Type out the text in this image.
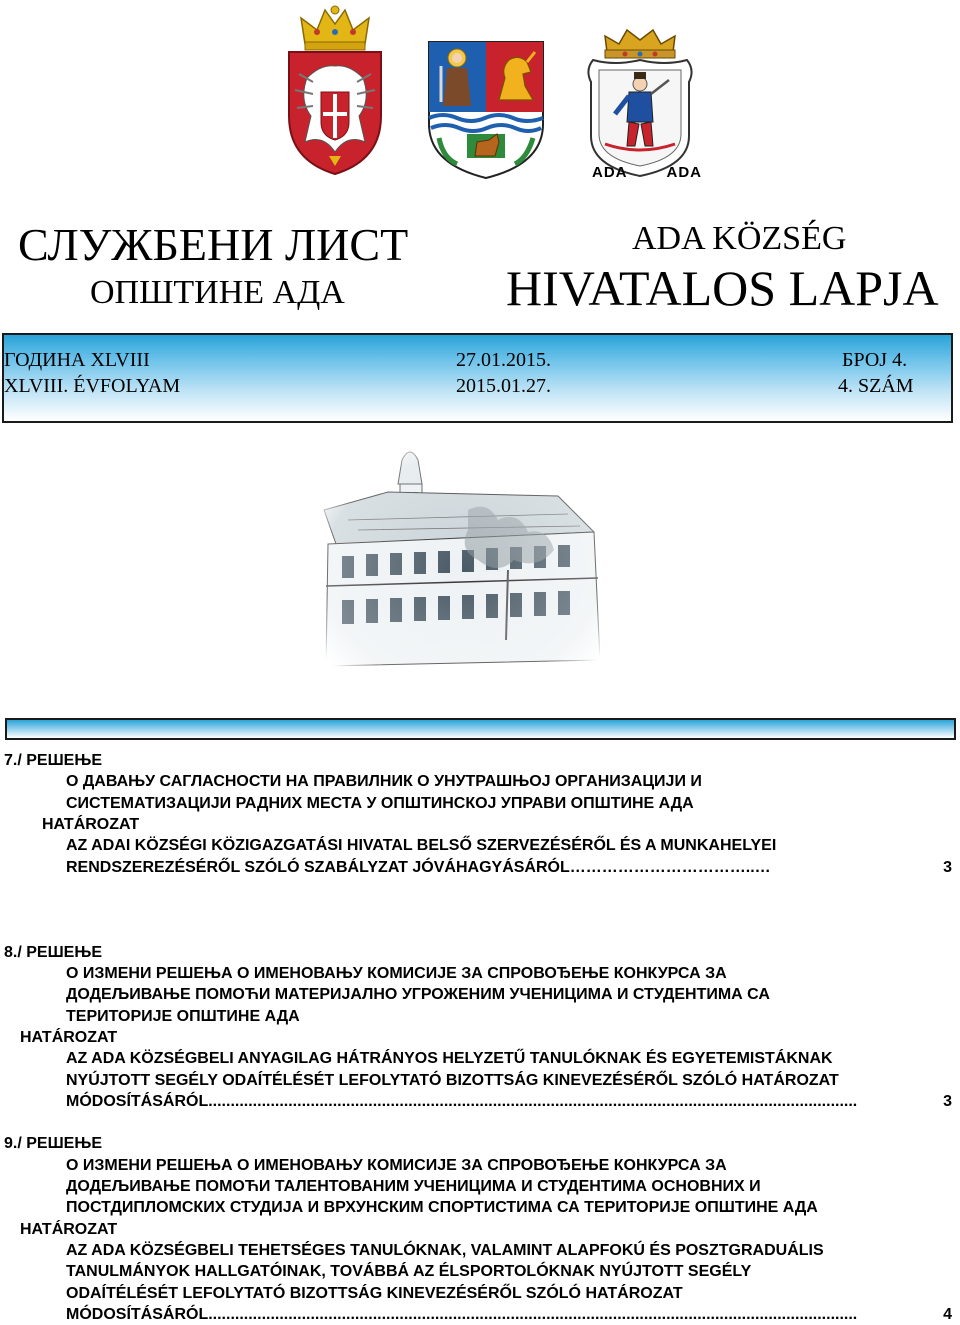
ADA	ADA
СЛУЖБЕНИ ЛИСТ
ОПШТИНЕ АДА
ADA KÖZSÉG
HIVATALOS LAPJA
ГОДИНА XLVIII
XLVIII. ÉVFOLYAM
27.01.2015.
2015.01.27.
БРОЈ 4.
4. SZÁM
7./ РЕШЕЊЕ
О ДАВАЊУ САГЛАСНОСТИ НА ПРАВИЛНИК О УНУТРАШЊОЈ ОРГАНИЗАЦИЈИ И
СИСТЕМАТИЗАЦИЈИ РАДНИХ МЕСТА У ОПШТИНСКОЈ УПРАВИ ОПШТИНЕ АДА
HATÁROZAT
AZ ADAI KÖZSÉGI KÖZIGAZGATÁSI HIVATAL BELSŐ SZERVEZÉSÉRŐL ÉS A MUNKAHELYEI
RENDSZEREZÉSÉRŐL SZÓLÓ SZABÁLYZAT JÓVÁHAGYÁSÁRÓL ……………………………..…	3
8./ РЕШЕЊЕ
О ИЗМЕНИ РЕШЕЊА О ИМЕНОВАЊУ КОМИСИЈЕ ЗА СПРОВОЂЕЊЕ КОНКУРСА ЗА
ДОДЕЉИВАЊЕ ПОМОЋИ МАТЕРИЈАЛНО УГРОЖЕНИМ УЧЕНИЦИМА И СТУДЕНТИМА СА
ТЕРИТОРИЈЕ ОПШТИНЕ АДА
HATÁROZAT
AZ ADA KÖZSÉGBELI ANYAGILAG HÁTRÁNYOS HELYZETŰ TANULÓKNAK ÉS EGYETEMISTÁKNAK
NYÚJTOTT SEGÉLY ODAÍTÉLÉSÉT LEFOLYTATÓ BIZOTTSÁG KINEVEZÉSÉRŐL SZÓLÓ HATÁROZAT
MÓDOSÍTÁSÁRÓL ..................................................................................................................................................	3
9./ РЕШЕЊЕ
О ИЗМЕНИ РЕШЕЊА О ИМЕНОВАЊУ КОМИСИЈЕ ЗА СПРОВОЂЕЊЕ КОНКУРСА ЗА
ДОДЕЉИВАЊЕ ПОМОЋИ ТАЛЕНТОВАНИМ УЧЕНИЦИМА И СТУДЕНТИМА ОСНОВНИХ И
ПОСТДИПЛОМСКИХ СТУДИЈА И ВРХУНСКИМ СПОРТИСТИМА СА ТЕРИТОРИЈЕ ОПШТИНЕ АДА
HATÁROZAT
AZ ADA KÖZSÉGBELI TEHETSÉGES TANULÓKNAK, VALAMINT ALAPFOKÚ ÉS POSZTGRADUÁLIS
TANULMÁNYOK HALLGATÓINAK, TOVÁBBÁ AZ ÉLSPORTOLÓKNAK NYÚJTOTT SEGÉLY
ODAÍTÉLÉSÉT LEFOLYTATÓ BIZOTTSÁG KINEVEZÉSÉRŐL SZÓLÓ HATÁROZAT
MÓDOSÍTÁSÁRÓL ..................................................................................................................................................	4
